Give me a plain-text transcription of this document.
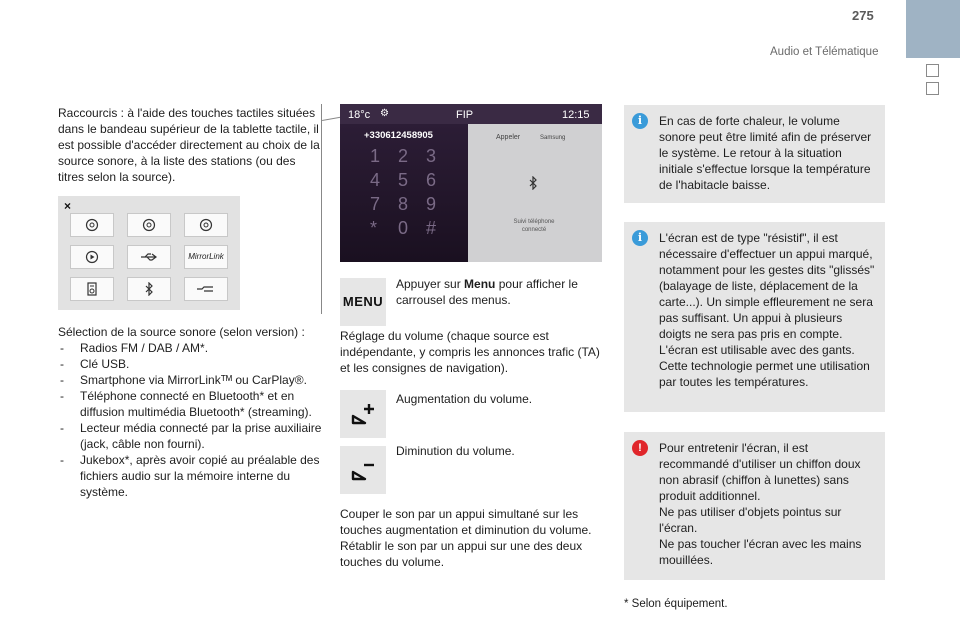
275
Audio et Télématique

Raccourcis : à l'aide des touches tactiles situées dans le bandeau supérieur de la tablette tactile, il est possible d'accéder directement au choix de la source sonore, à la liste des stations (ou des titres selon la source).

×
MirrorLink

Sélection de la source sonore (selon version) :

- Radios FM / DAB / AM*.
- Clé USB.
- Smartphone via MirrorLinkᵀᴹ ou CarPlay®.
- Téléphone connecté en Bluetooth* et en diffusion multimédia Bluetooth* (streaming).
- Lecteur média connecté par la prise auxiliaire (jack, câble non fourni).
- Jukebox*, après avoir copié au préalable des fichiers audio sur la mémoire interne du système.
18°c ⚙	FIP	12:15
+330612458905
1 2 3 4 5 6 7 8 9 * 0 #
Appeler	Samsung
Suivi téléphone connecté
MENU

Appuyer sur Menu pour afficher le carrousel des menus.

Réglage du volume (chaque source est indépendante, y compris les annonces trafic (TA) et les consignes de navigation).

Augmentation du volume.
Diminution du volume.

Couper le son par un appui simultané sur les touches augmentation et diminution du volume.

Rétablir le son par un appui sur une des deux touches du volume.

i	En cas de forte chaleur, le volume sonore peut être limité afin de préserver le système. Le retour à la situation initiale s'effectue lorsque la température de l'habitacle baisse.

i	L'écran est de type "résistif", il est nécessaire d'effectuer un appui marqué, notamment pour les gestes dits "glissés" (balayage de liste, déplacement de la carte...). Un simple effleurement ne sera pas suffisant. Un appui à plusieurs doigts ne sera pas pris en compte.

L'écran est utilisable avec des gants. Cette technologie permet une utilisation par toutes les températures.

!	Pour entretenir l'écran, il est recommandé d'utiliser un chiffon doux non abrasif (chiffon à lunettes) sans produit additionnel.

Ne pas utiliser d'objets pointus sur l'écran.

Ne pas toucher l'écran avec les mains mouillées.

* Selon équipement.
